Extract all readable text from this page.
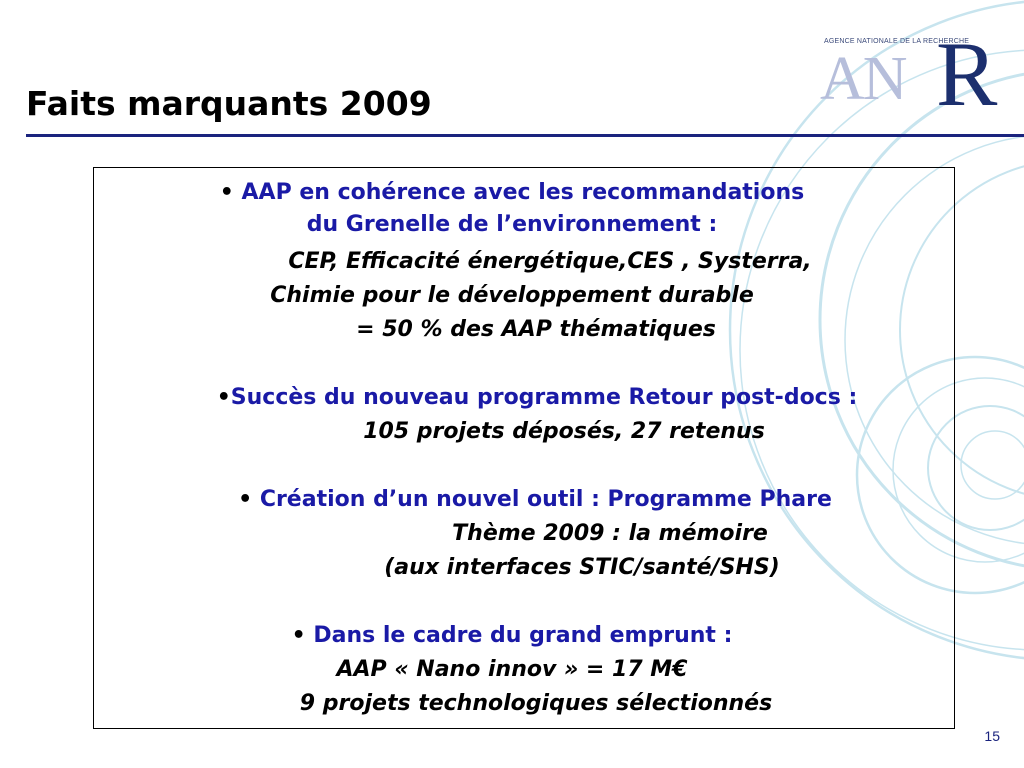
AGENCE NATIONALE DE LA RECHERCHE

AN R
Faits marquants 2009
• AAP en cohérence avec les recommandations
du Grenelle de l’environnement :
CEP, Efficacité énergétique,CES , Systerra,
Chimie pour le développement durable
= 50 % des AAP thématiques
• Succès du nouveau programme Retour post-docs :
105 projets déposés, 27 retenus
• Création d’un nouvel outil : Programme Phare
Thème 2009 : la mémoire
(aux interfaces STIC/santé/SHS)
• Dans le cadre du grand emprunt :
AAP « Nano innov » = 17 M€
9 projets technologiques sélectionnés

15
